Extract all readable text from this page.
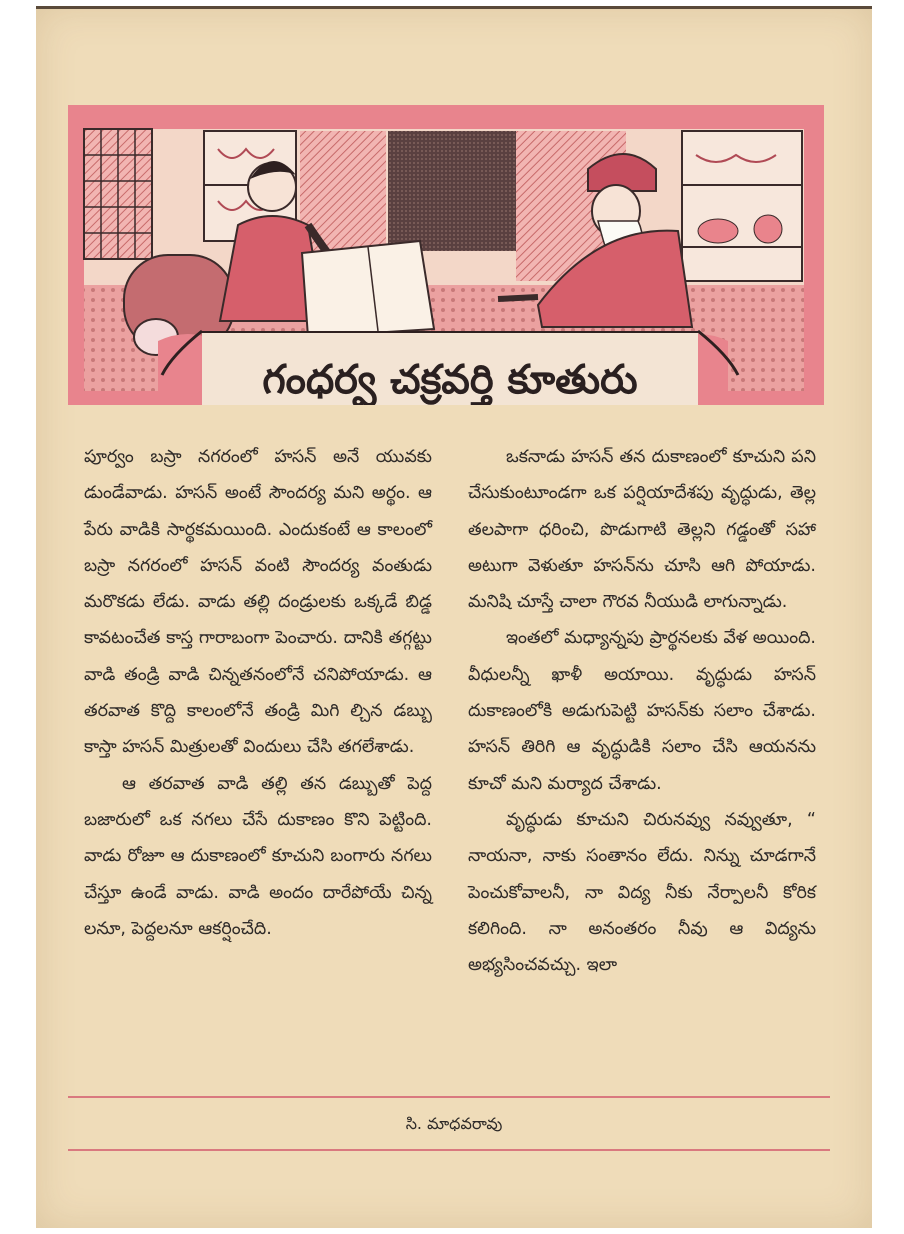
గంధర్వ చక్రవర్తి కూతురు

పూర్వం బస్రా నగరంలో హసన్ అనే యువకు డుండేవాడు. హసన్ అంటే సౌందర్య మని అర్థం. ఆ పేరు వాడికి సార్థకమయింది. ఎందుకంటే ఆ కాలంలో బస్రా నగరంలో హసన్ వంటి సౌందర్య వంతుడు మరొకడు లేడు. వాడు తల్లి దండ్రులకు ఒక్కడే బిడ్డ కావటంచేత కాస్త గారాబంగా పెంచారు. దానికి తగ్గట్టు వాడి తండ్రి వాడి చిన్నతనంలోనే చనిపోయాడు. ఆ తరవాత కొద్ది కాలంలోనే తండ్రి మిగి ల్చిన డబ్బు కాస్తా హసన్ మిత్రులతో విందులు చేసి తగలేశాడు.

ఆ తరవాత వాడి తల్లి తన డబ్బుతో పెద్ద బజారులో ఒక నగలు చేసే దుకాణం కొని పెట్టింది. వాడు రోజూ ఆ దుకాణంలో కూచుని బంగారు నగలు చేస్తూ ఉండే వాడు. వాడి అందం దారేపోయే చిన్న లనూ, పెద్దలనూ ఆకర్షించేది.

ఒకనాడు హసన్ తన దుకాణంలో కూచుని పని చేసుకుంటూండగా ఒక పర్షియాదేశపు వృద్ధుడు, తెల్ల తలపాగా ధరించి, పొడుగాటి తెల్లని గడ్డంతో సహా అటుగా వెళుతూ హసన్‌ను చూసి ఆగి పోయాడు. మనిషి చూస్తే చాలా గౌరవ నీయుడి లాగున్నాడు.

ఇంతలో మధ్యాన్నపు ప్రార్థనలకు వేళ అయింది. వీధులన్నీ ఖాళీ అయాయి. వృద్ధుడు హసన్ దుకాణంలోకి అడుగుపెట్టి హసన్‌కు సలాం చేశాడు. హసన్ తిరిగి ఆ వృద్ధుడికి సలాం చేసి ఆయనను కూచో మని మర్యాద చేశాడు.

వృద్ధుడు కూచుని చిరునవ్వు నవ్వుతూ, “ నాయనా, నాకు సంతానం లేదు. నిన్ను చూడగానే పెంచుకోవాలనీ, నా విద్య నీకు నేర్పాలనీ కోరిక కలిగింది. నా అనంతరం నీవు ఆ విద్యను అభ్యసించవచ్చు. ఇలా

సి. మాధవరావు
